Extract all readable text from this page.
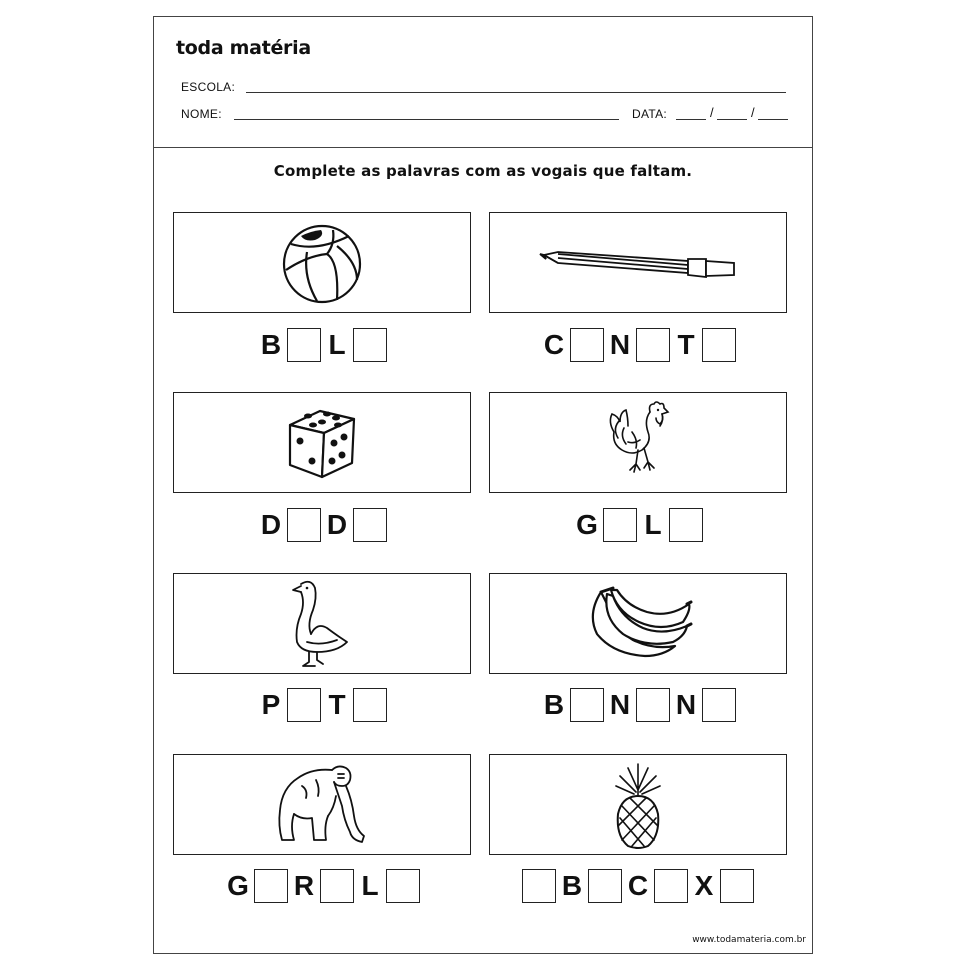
toda matéria
ESCOLA:
NOME:	DATA:	/	/
Complete as palavras com as vogais que faltam.
B L	C N T
D D	G L
P T	B N N
G R L	B C X
www.todamateria.com.br
